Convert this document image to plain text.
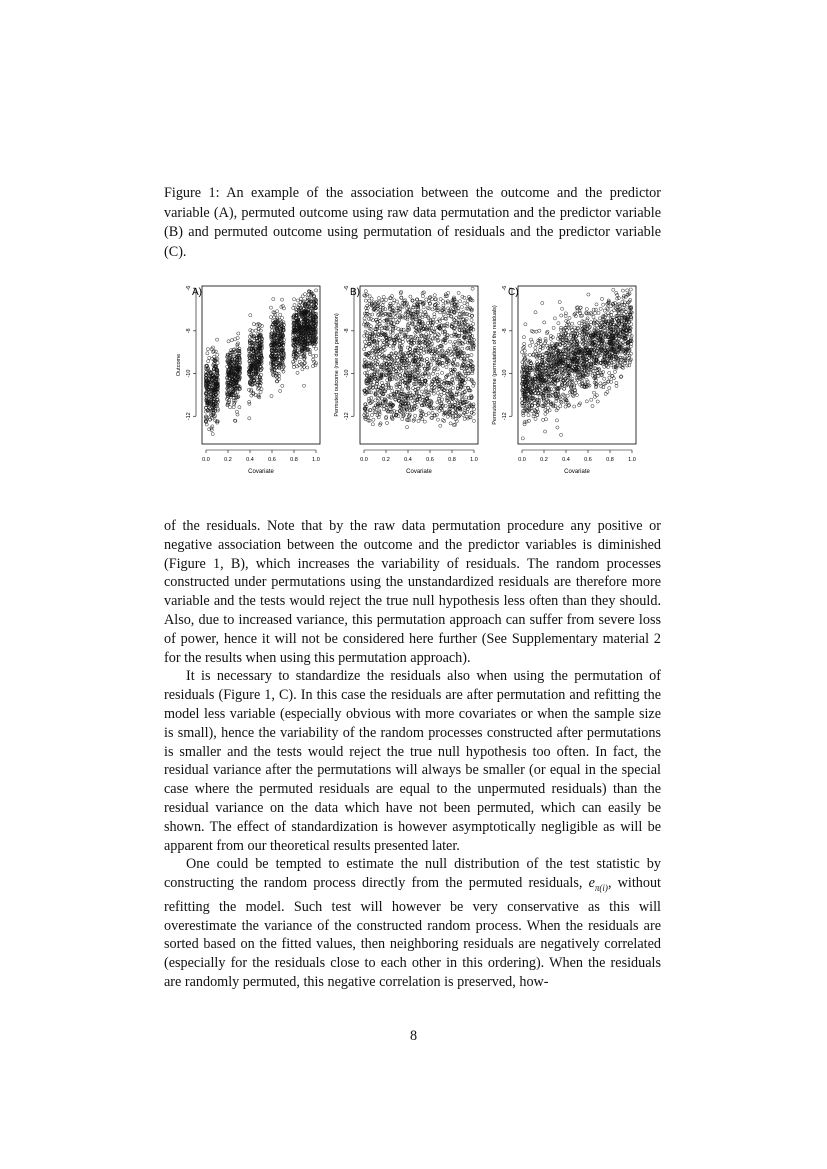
Figure 1: An example of the association between the outcome and the predictor variable (A), permuted outcome using raw data permutation and the predictor variable (B) and permuted outcome using permutation of residuals and the predictor variable (C).

0.0	0.2	0.4	0.6	0.8	1.0
Covariate
-12
-10
-8
-6
Outcome
A)
0.0	0.2	0.4	0.6	0.8	1.0
Covariate
-12
-10
-8
-6
Permuted outcome (raw data permutation)
B)
0.0	0.2	0.4	0.6	0.8	1.0
Covariate
-12
-10
-8
-6
Permuted outcome (permutation of the residuals)
C)

of the residuals. Note that by the raw data permutation procedure any positive or negative association between the outcome and the predictor variables is diminished (Figure 1, B), which increases the variability of residuals. The random processes constructed under permutations using the unstandardized residuals are therefore more variable and the tests would reject the true null hypothesis less often than they should. Also, due to increased variance, this permutation approach can suffer from severe loss of power, hence it will not be considered here further (See Supplementary material 2 for the results when using this permutation approach).

It is necessary to standardize the residuals also when using the permutation of residuals (Figure 1, C). In this case the residuals are after permutation and refitting the model less variable (especially obvious with more covariates or when the sample size is small), hence the variability of the random processes constructed after permutations is smaller and the tests would reject the true null hypothesis too often. In fact, the residual variance after the permutations will always be smaller (or equal in the special case where the permuted residuals are equal to the unpermuted residuals) than the residual variance on the data which have not been permuted, which can easily be shown. The effect of standardization is however asymptotically negligible as will be apparent from our theoretical results presented later.

One could be tempted to estimate the null distribution of the test statistic by constructing the random process directly from the permuted residuals, $e_{\pi(i)}$, without refitting the model. Such test will however be very conservative as this will overestimate the variance of the constructed random process. When the residuals are sorted based on the fitted values, then neighboring residuals are negatively correlated (especially for the residuals close to each other in this ordering). When the residuals are randomly permuted, this negative correlation is preserved, how-

8
